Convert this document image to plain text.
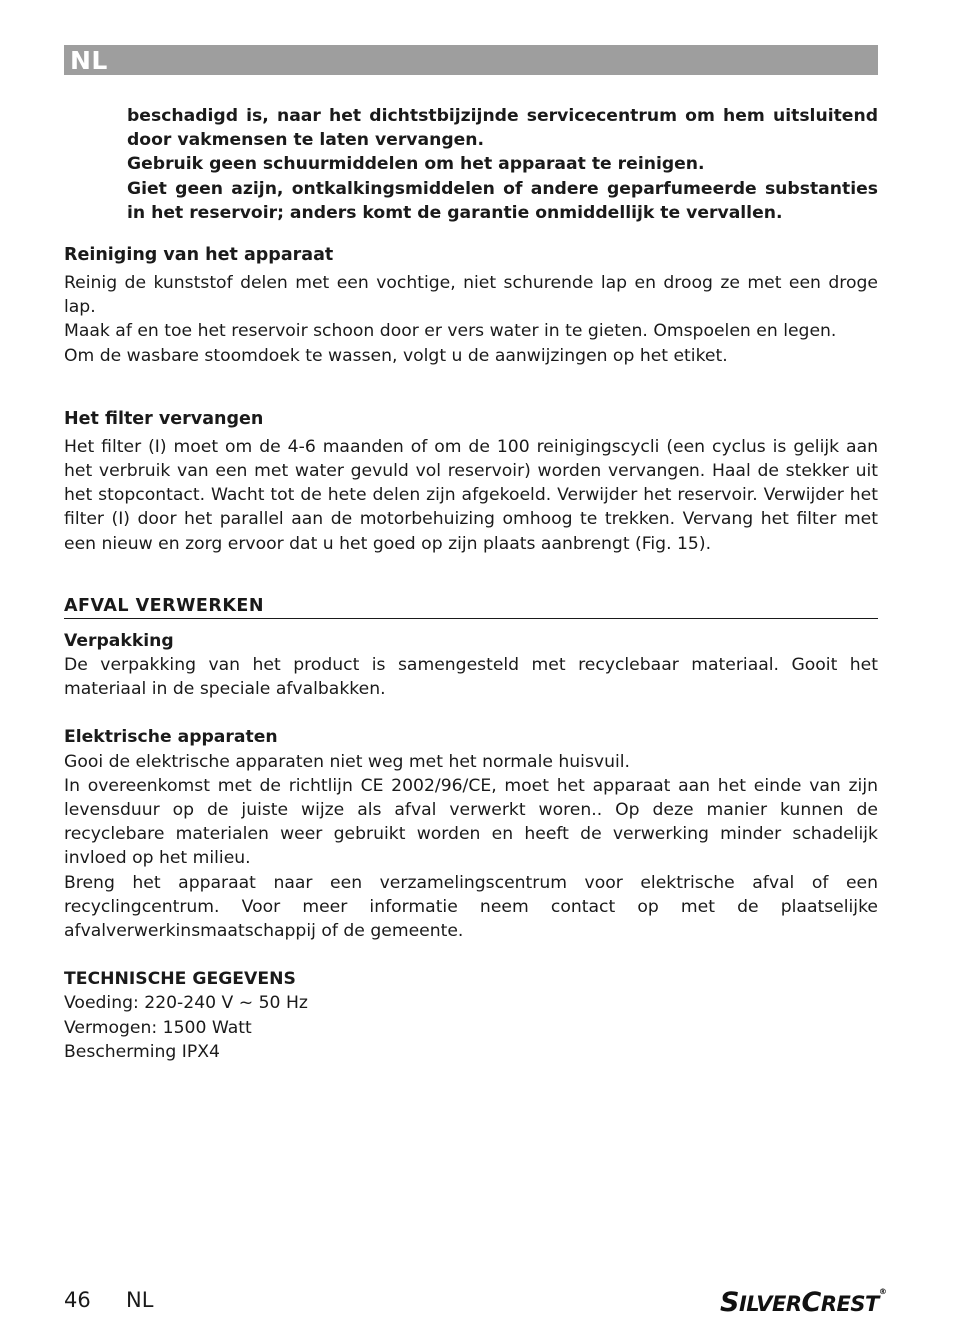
NL

beschadigd is, naar het dichtstbijzijnde servicecentrum om hem uitsluitend door vakmensen te laten vervangen.

Gebruik geen schuurmiddelen om het apparaat te reinigen.

Giet geen azijn, ontkalkingsmiddelen of andere geparfumeerde substanties in het reservoir; anders komt de garantie onmiddellijk te vervallen.

Reiniging van het apparaat

Reinig de kunststof delen met een vochtige, niet schurende lap en droog ze met een droge lap.

Maak af en toe het reservoir schoon door er vers water in te gieten. Omspoelen en legen.

Om de wasbare stoomdoek te wassen, volgt u de aanwijzingen op het etiket.

Het filter vervangen

Het filter (I) moet om de 4-6 maanden of om de 100 reinigingscycli (een cyclus is gelijk aan het verbruik van een met water gevuld vol reservoir) worden vervangen. Haal de stekker uit het stopcontact. Wacht tot de hete delen zijn afgekoeld. Verwijder het reservoir. Verwijder het filter (I) door het parallel aan de motorbehuizing omhoog te trekken. Vervang het filter met een nieuw en zorg ervoor dat u het goed op zijn plaats aanbrengt (Fig. 15).

AFVAL VERWERKEN
Verpakking

De verpakking van het product is samengesteld met recyclebaar materiaal. Gooit het materiaal in de speciale afvalbakken.

Elektrische apparaten

Gooi de elektrische apparaten niet weg met het normale huisvuil.

In overeenkomst met de richtlijn CE 2002/96/CE, moet het apparaat aan het einde van zijn levensduur op de juiste wijze als afval verwerkt woren.. Op deze manier kunnen de recyclebare materialen weer gebruikt worden en heeft de verwerking minder schadelijk invloed op het milieu.

Breng het apparaat naar een verzamelingscentrum voor elektrische afval of een recyclingcentrum. Voor meer informatie neem contact op met de plaatselijke afvalverwerkinsmaatschappij of de gemeente.

TECHNISCHE GEGEVENS

Voeding: 220-240 V ~ 50 Hz

Vermogen: 1500 Watt

Bescherming IPX4

46 NL	SILVERCREST®
